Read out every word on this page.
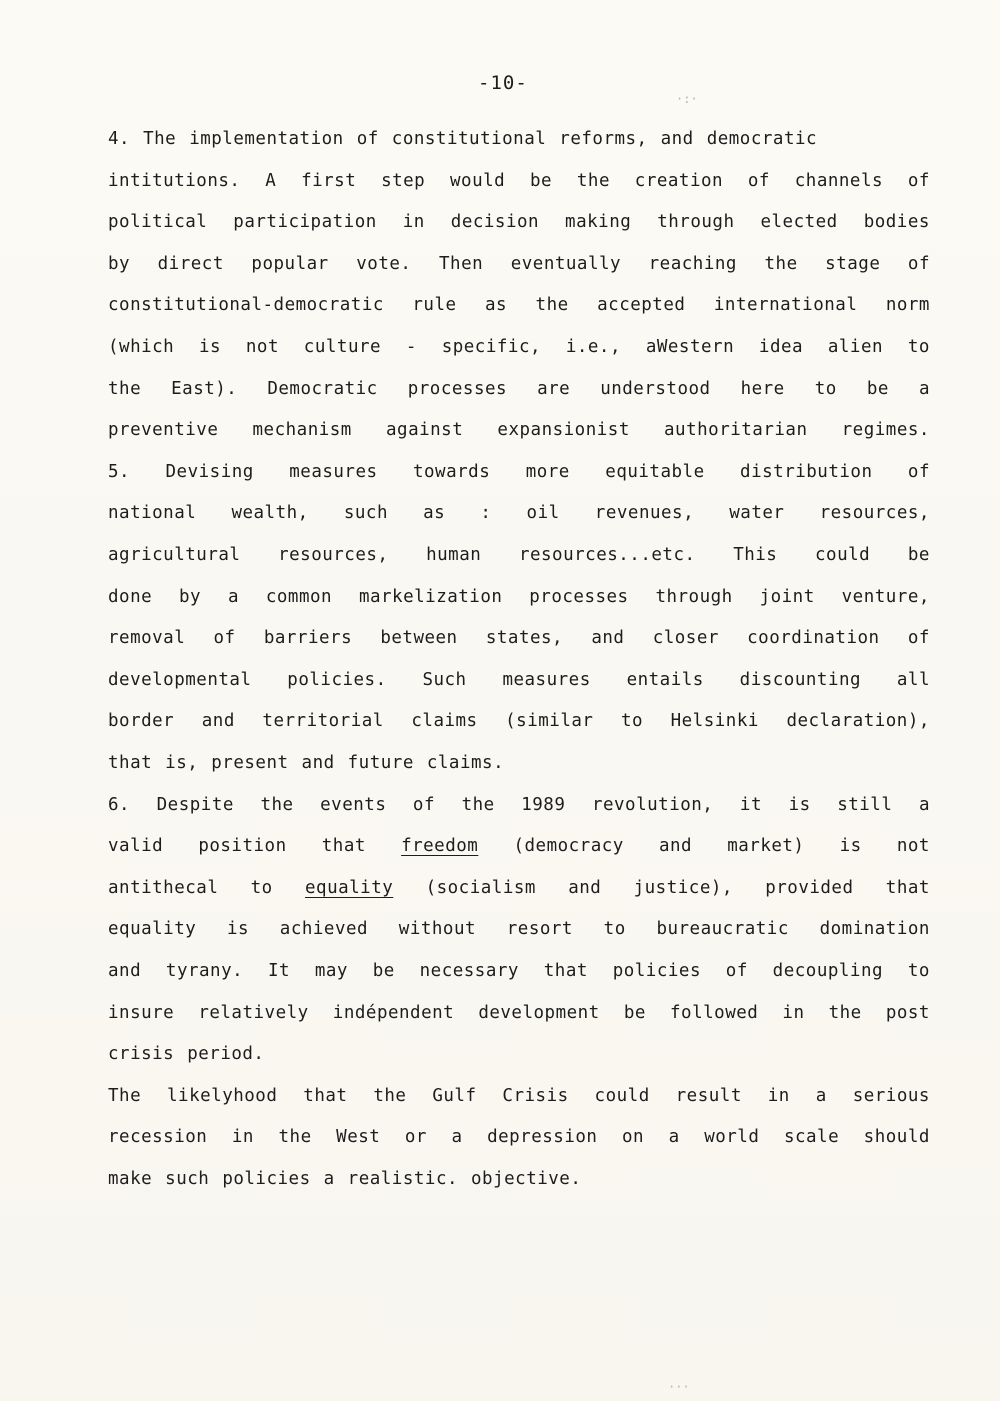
-10-
4. The implementation of constitutional reforms, and democratic
intitutions. A first step would be the creation of channels of
political participation in decision making through elected bodies
by direct popular vote. Then eventually reaching the stage of
constitutional-democratic rule as the accepted international norm
(which is not culture - specific, i.e., aWestern idea alien to
the East). Democratic processes are understood here to be a
preventive mechanism against expansionist authoritarian regimes.
5. Devising measures towards more equitable distribution of
national wealth, such as : oil revenues, water resources,
agricultural resources, human resources...etc. This could be
done by a common markelization processes through joint venture,
removal of barriers between states, and closer coordination of
developmental policies. Such measures entails discounting all
border and territorial claims (similar to Helsinki declaration),
that is, present and future claims.
6. Despite the events of the 1989 revolution, it is still a
valid position that freedom (democracy and market) is not
antithecal to equality (socialism and justice), provided that
equality is achieved without resort to bureaucratic domination
and tyrany. It may be necessary that policies of decoupling to
insure relatively indépendent development be followed in the post
crisis period.
The likelyhood that the Gulf Crisis could result in a serious
recession in the West or a depression on a world scale should
make such policies a realistic. objective.
·:·
···
